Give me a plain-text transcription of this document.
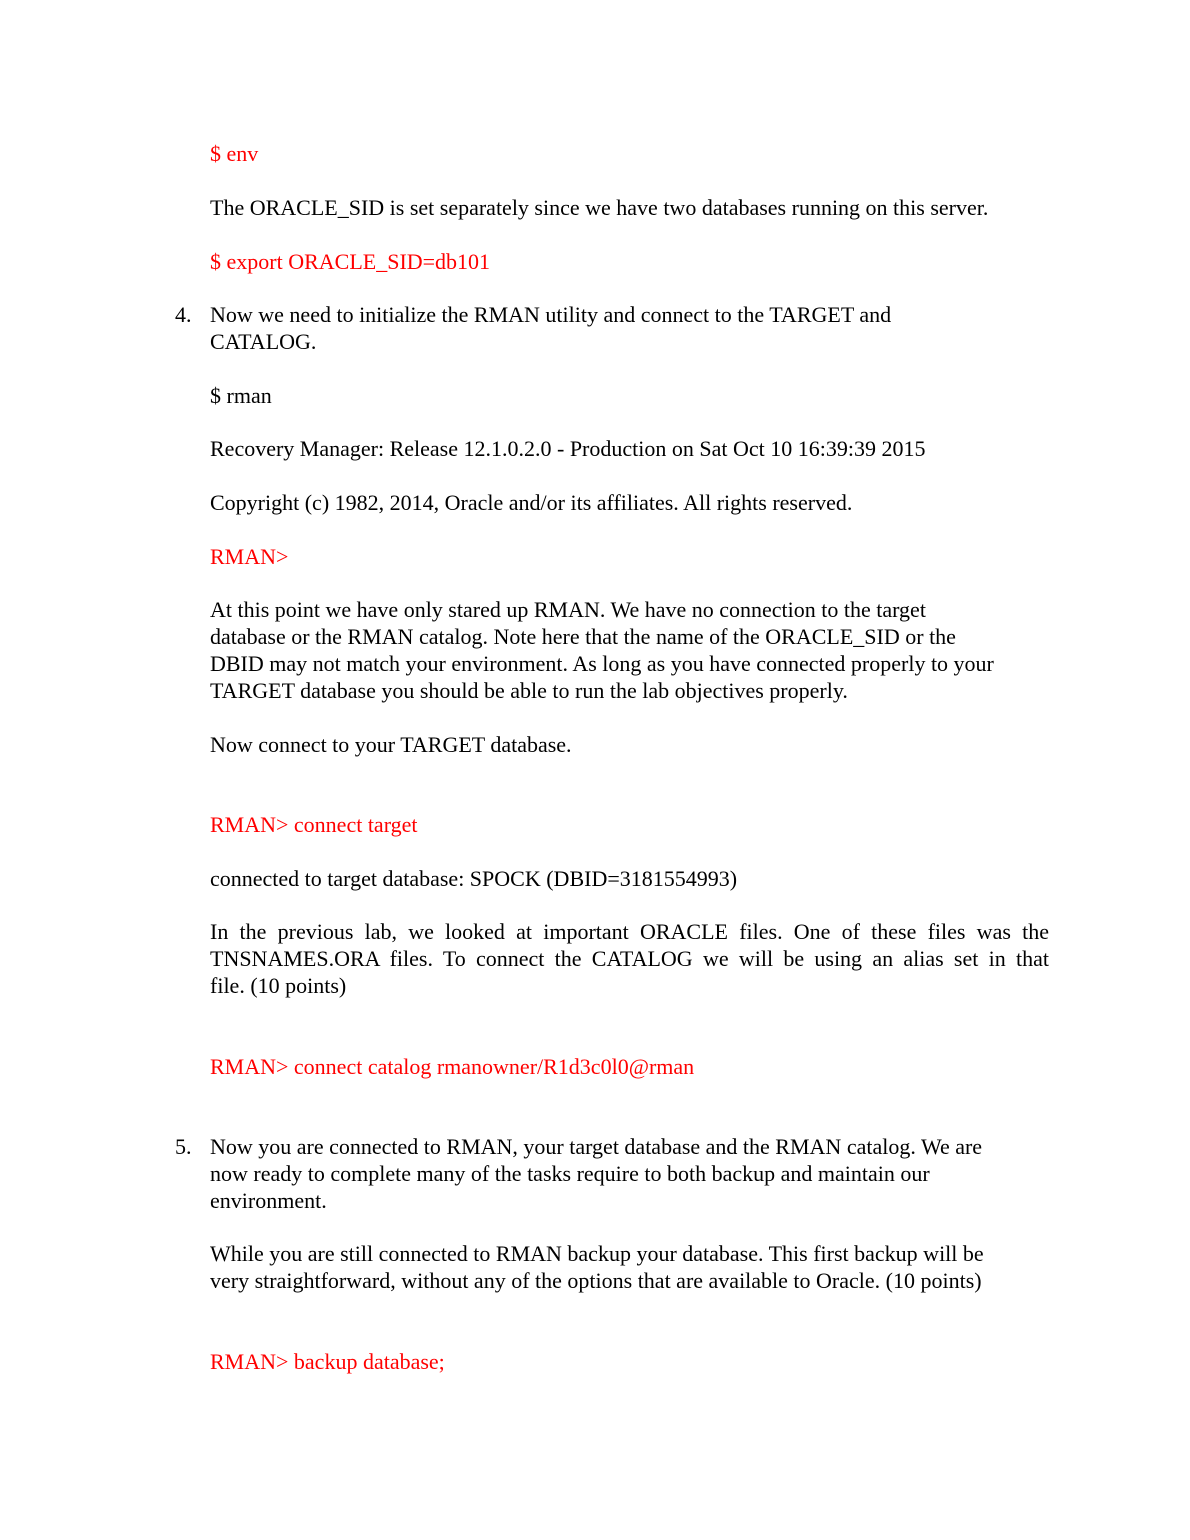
$ env

The ORACLE_SID is set separately since we have two databases running on this server.

$ export ORACLE_SID=db101

4. Now we need to initialize the RMAN utility and connect to the TARGET and

CATALOG.

$ rman

Recovery Manager: Release 12.1.0.2.0 - Production on Sat Oct 10 16:39:39 2015

Copyright (c) 1982, 2014, Oracle and/or its affiliates. All rights reserved.

RMAN>

At this point we have only stared up RMAN. We have no connection to the target

database or the RMAN catalog. Note here that the name of the ORACLE_SID or the

DBID may not match your environment. As long as you have connected properly to your

TARGET database you should be able to run the lab objectives properly.

Now connect to your TARGET database.

RMAN> connect target

connected to target database: SPOCK (DBID=3181554993)

In the previous lab, we looked at important ORACLE files. One of these files was the
TNSNAMES.ORA files. To connect the CATALOG we will be using an alias set in that
file. (10 points)

RMAN> connect catalog rmanowner/R1d3c0l0@rman

5. Now you are connected to RMAN, your target database and the RMAN catalog. We are

now ready to complete many of the tasks require to both backup and maintain our

environment.

While you are still connected to RMAN backup your database. This first backup will be

very straightforward, without any of the options that are available to Oracle. (10 points)

RMAN> backup database;
